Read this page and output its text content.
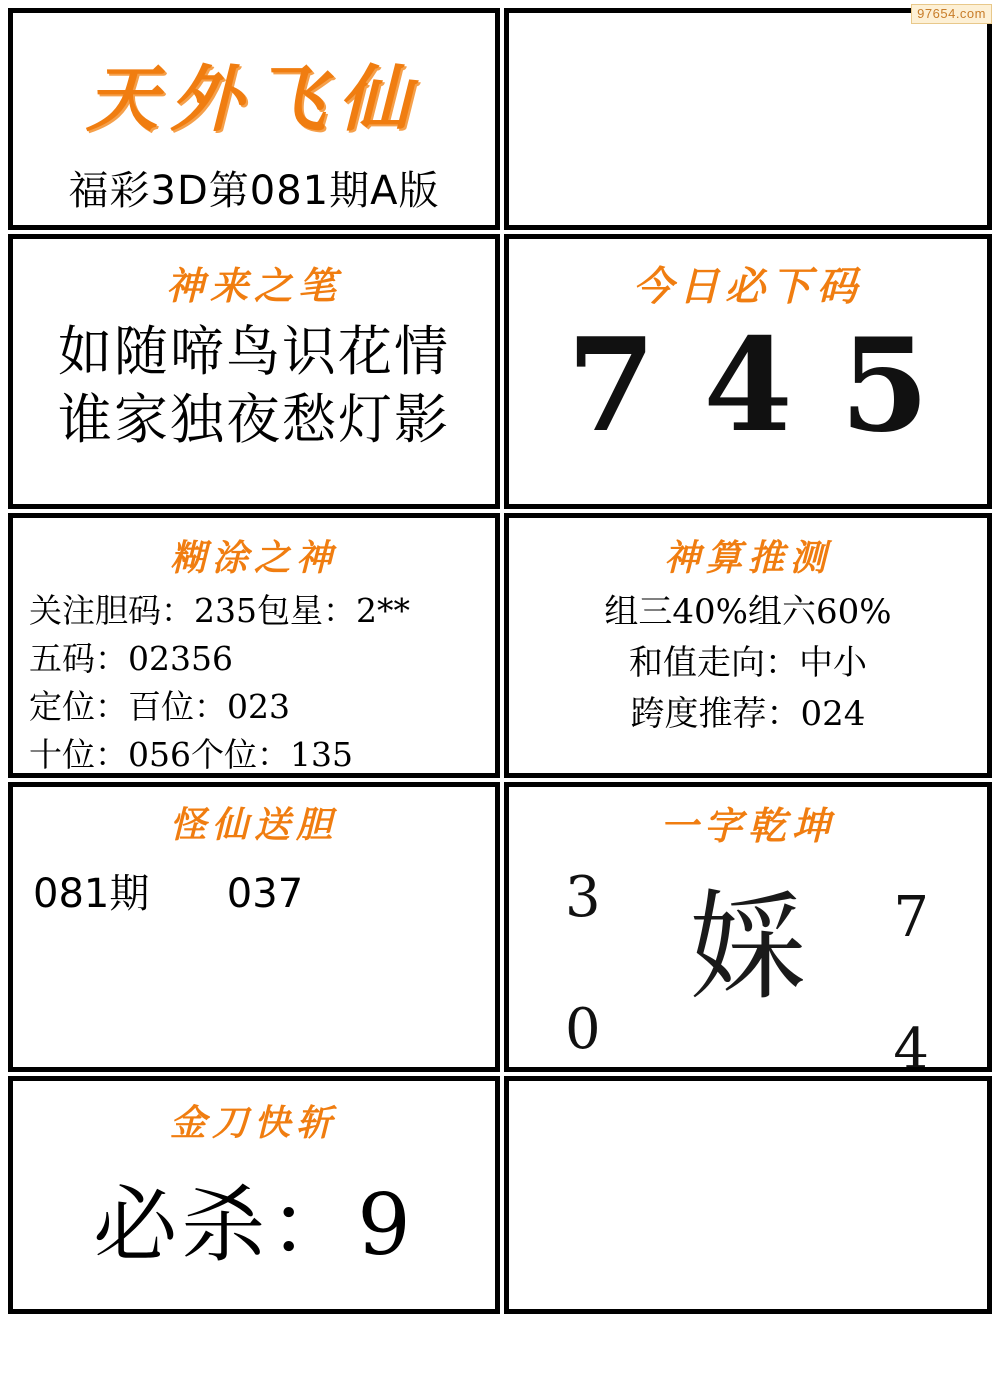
97654.com
天外飞仙
福彩3D第081期A版
神来之笔
如随啼鸟识花情
谁家独夜愁灯影
今日必下码
7 4 5
糊涂之神
关注胆码：235包星：2**
五码：02356
定位：百位：023
十位：056个位：135
神算推测
组三40%组六60%
和值走向：中小
跨度推荐：024
怪仙送胆
081期 037
一字乾坤
3	7
婇
0	4
金刀快斩
必杀：9
